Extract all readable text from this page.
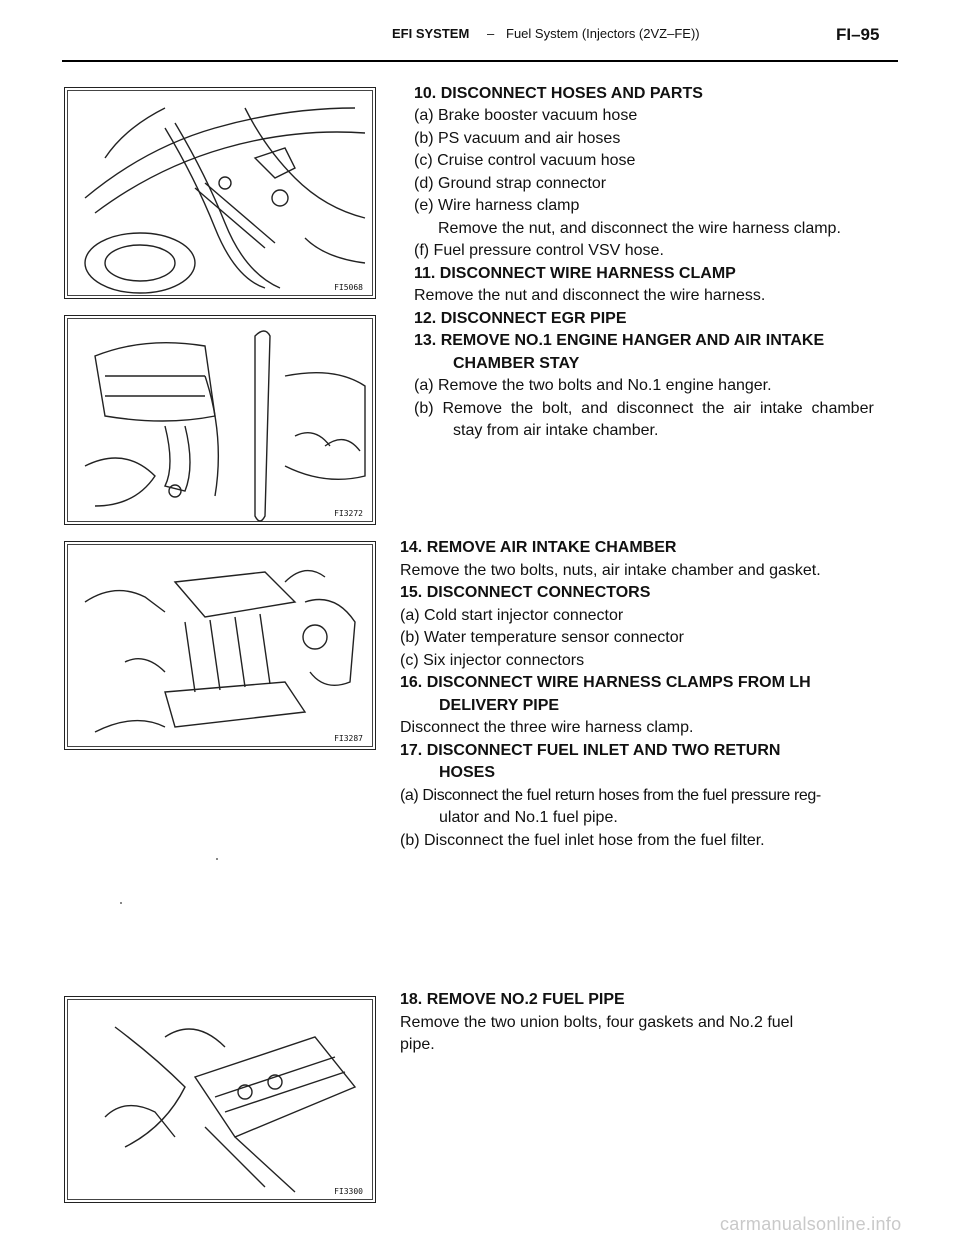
EFI SYSTEM – Fuel System (Injectors (2VZ–FE))	FI–95
FI5068
FI3272
FI3287
FI3300
10. DISCONNECT HOSES AND PARTS
(a) Brake booster vacuum hose
(b) PS vacuum and air hoses
(c) Cruise control vacuum hose
(d) Ground strap connector
(e) Wire harness clamp
Remove the nut, and disconnect the wire harness clamp.
(f) Fuel pressure control VSV hose.
11. DISCONNECT WIRE HARNESS CLAMP
Remove the nut and disconnect the wire harness.
12. DISCONNECT EGR PIPE
13. REMOVE NO.1 ENGINE HANGER AND AIR INTAKE
CHAMBER STAY
(a) Remove the two bolts and No.1 engine hanger.
(b)  Remove  the  bolt,  and  disconnect  the  air  intake  chamber
stay from air intake chamber.
14. REMOVE AIR INTAKE CHAMBER
Remove the two bolts, nuts, air intake chamber and gasket.
15. DISCONNECT CONNECTORS
(a) Cold start injector connector
(b) Water temperature sensor connector
(c) Six injector connectors
16. DISCONNECT WIRE HARNESS CLAMPS FROM LH
DELIVERY PIPE
Disconnect the three wire harness clamp.
17. DISCONNECT FUEL INLET AND TWO RETURN
HOSES
(a) Disconnect the fuel return hoses from the fuel pressure reg-
ulator and No.1 fuel pipe.
(b) Disconnect the fuel inlet hose from the fuel filter.
18. REMOVE NO.2 FUEL PIPE
Remove the two union bolts, four gaskets and No.2 fuel
pipe.
carmanualsonline.info
